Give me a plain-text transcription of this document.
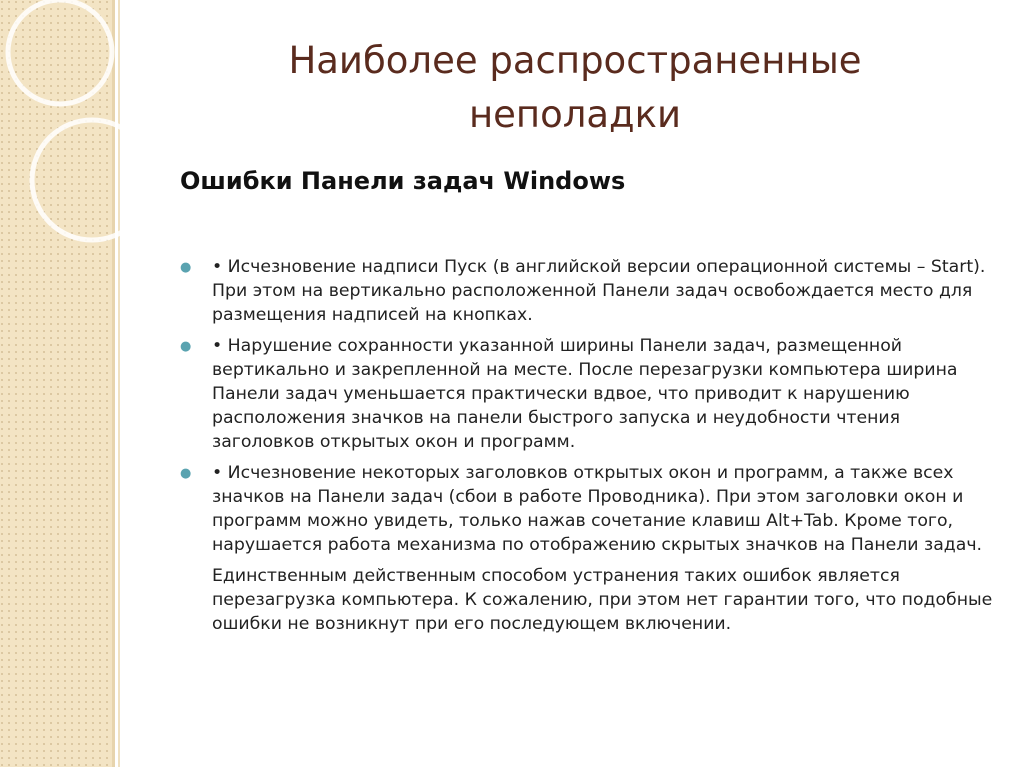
Наиболее распространенные
неполадки
Ошибки Панели задач Windows
● • Исчезновение надписи Пуск (в английской версии операционной системы – Start). При этом на вертикально расположенной Панели задач освобождается место для размещения надписей на кнопках.
● • Нарушение сохранности указанной ширины Панели задач, размещенной вертикально и закрепленной на месте. После перезагрузки компьютера ширина Панели задач уменьшается практически вдвое, что приводит к нарушению расположения значков на панели быстрого запуска и неудобности чтения заголовков открытых окон и программ.
● • Исчезновение некоторых заголовков открытых окон и программ, а также всех значков на Панели задач (сбои в работе Проводника). При этом заголовки окон и программ можно увидеть, только нажав сочетание клавиш Alt+Tab. Кроме того, нарушается работа механизма по отображению скрытых значков на Панели задач.
Единственным действенным способом устранения таких ошибок является перезагрузка компьютера. К сожалению, при этом нет гарантии того, что подобные ошибки не возникнут при его последующем включении.
